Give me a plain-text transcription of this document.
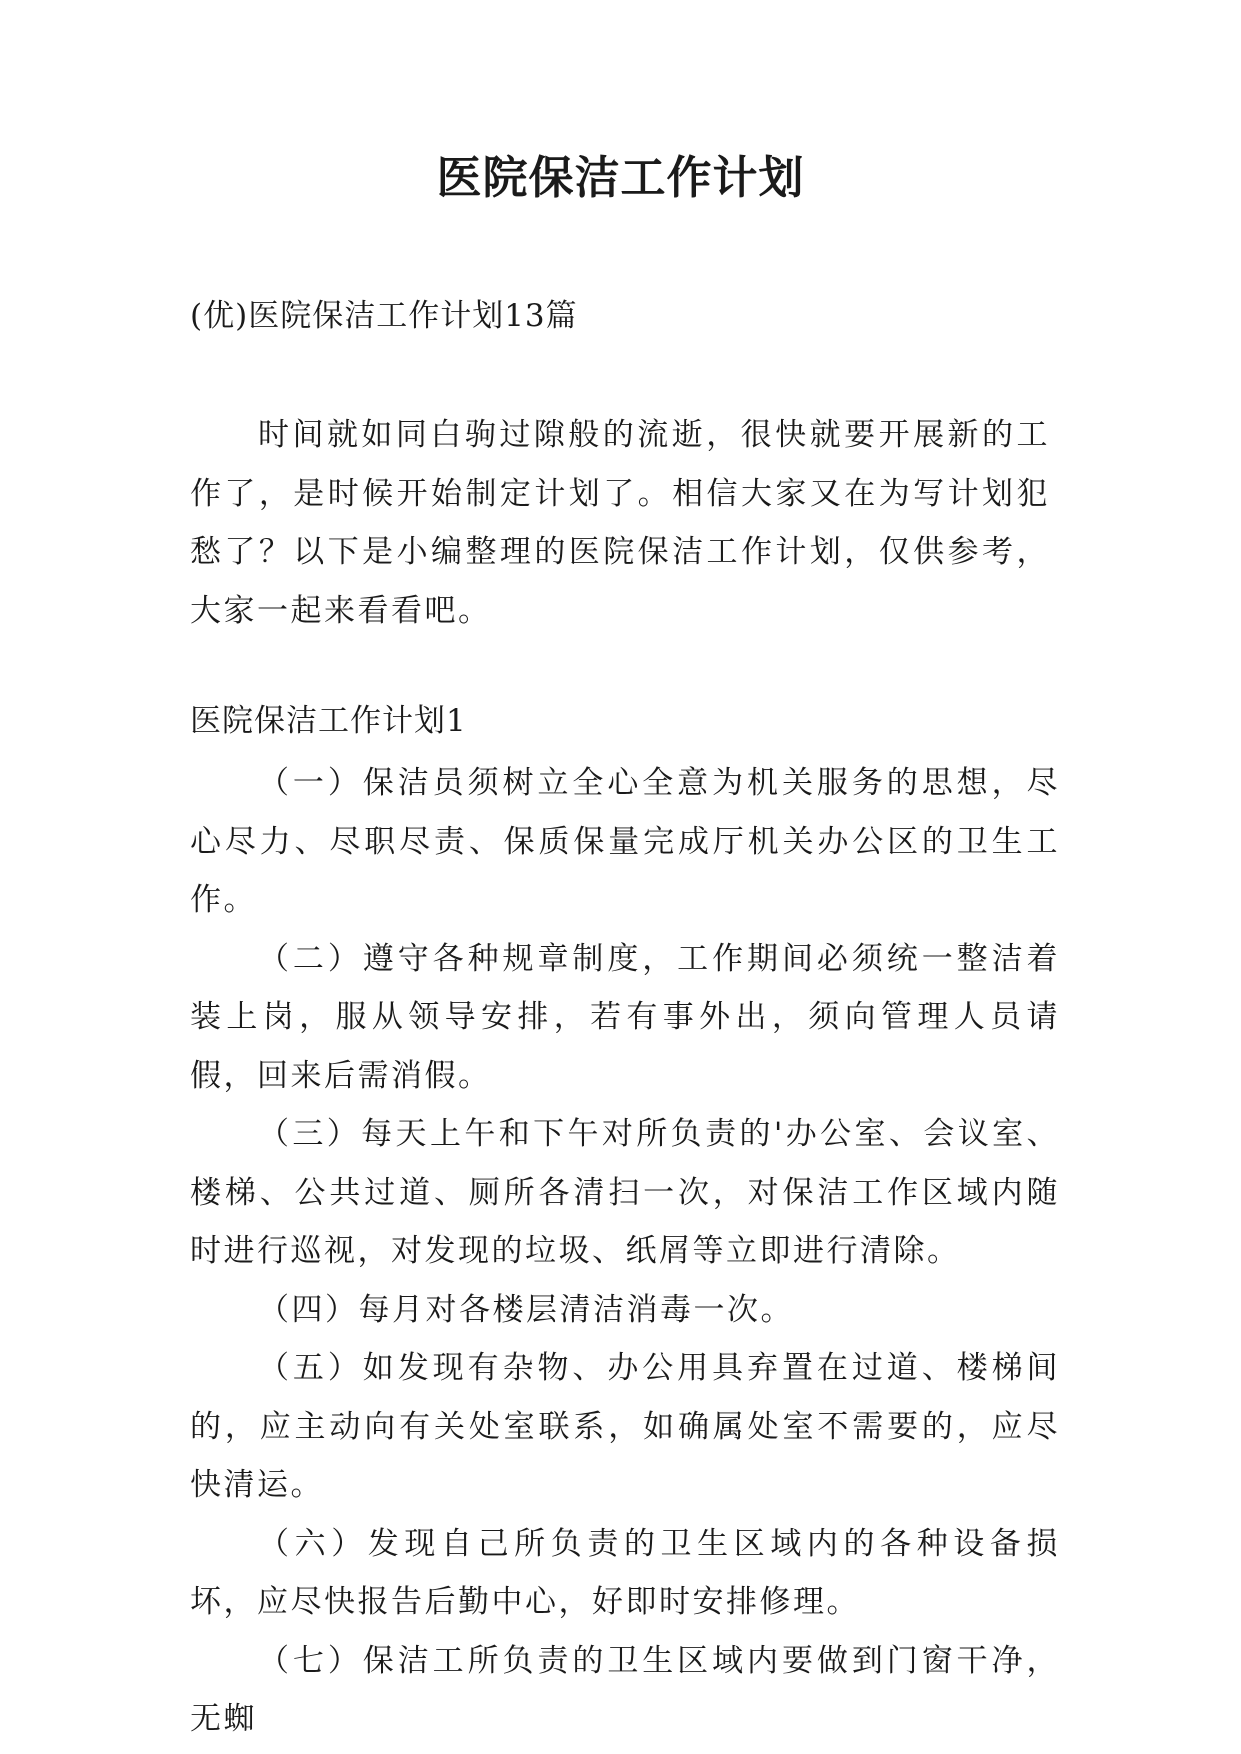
医院保洁工作计划

(优)医院保洁工作计划13篇

时间就如同白驹过隙般的流逝，很快就要开展新的工作了，是时候开始制定计划了。相信大家又在为写计划犯愁了？以下是小编整理的医院保洁工作计划，仅供参考，大家一起来看看吧。

医院保洁工作计划1

（一）保洁员须树立全心全意为机关服务的思想，尽心尽力、尽职尽责、保质保量完成厅机关办公区的卫生工作。

（二）遵守各种规章制度，工作期间必须统一整洁着装上岗，服从领导安排，若有事外出，须向管理人员请假，回来后需消假。

（三）每天上午和下午对所负责的'办公室、会议室、楼梯、公共过道、厕所各清扫一次，对保洁工作区域内随时进行巡视，对发现的垃圾、纸屑等立即进行清除。

（四）每月对各楼层清洁消毒一次。

（五）如发现有杂物、办公用具弃置在过道、楼梯间的，应主动向有关处室联系，如确属处室不需要的，应尽快清运。

（六）发现自己所负责的卫生区域内的各种设备损坏，应尽快报告后勤中心，好即时安排修理。

（七）保洁工所负责的卫生区域内要做到门窗干净，无蜘
